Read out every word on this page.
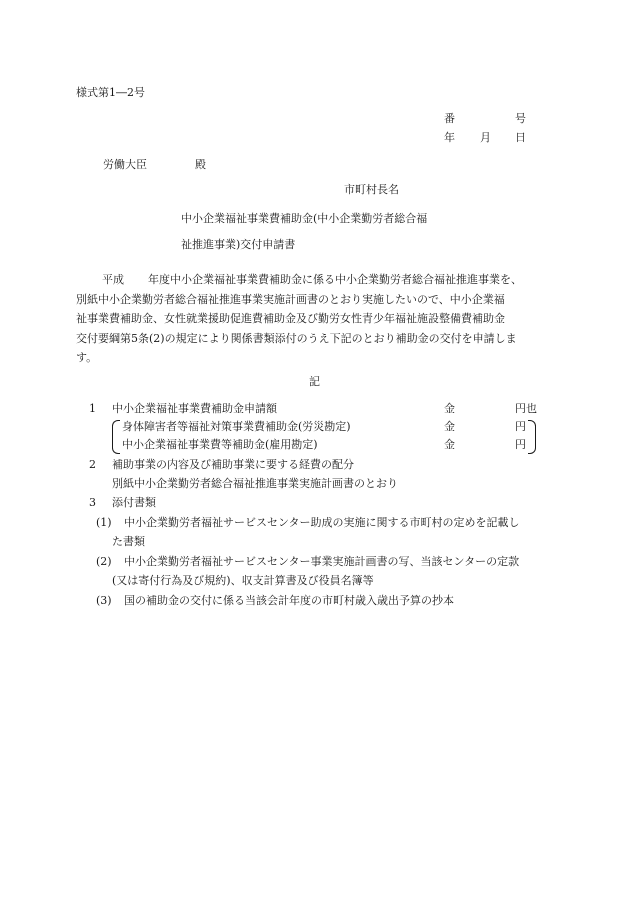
様式第1―2号
番	号
年 月 日
労働大臣	殿
市町村長名
中小企業福祉事業費補助金(中小企業勤労者総合福
祉推進事業)交付申請書
平成 年度中小企業福祉事業費補助金に係る中小企業勤労者総合福祉推進事業を、
別紙中小企業勤労者総合福祉推進事業実施計画書のとおり実施したいので、中小企業福
祉事業費補助金、女性就業援助促進費補助金及び勤労女性青少年福祉施設整備費補助金
交付要綱第5条(2)の規定により関係書類添付のうえ下記のとおり補助金の交付を申請しま
す。
記
1 中小企業福祉事業費補助金申請額	金	円也
身体障害者等福祉対策事業費補助金(労災勘定)	金	円
中小企業福祉事業費等補助金(雇用勘定)	金	円
2 補助事業の内容及び補助事業に要する経費の配分
別紙中小企業勤労者総合福祉推進事業実施計画書のとおり
3 添付書類
(1) 中小企業勤労者福祉サービスセンター助成の実施に関する市町村の定めを記載し
た書類
(2) 中小企業勤労者福祉サービスセンター事業実施計画書の写、当該センターの定款
(又は寄付行為及び規約)、収支計算書及び役員名簿等
(3) 国の補助金の交付に係る当該会計年度の市町村歳入歳出予算の抄本
